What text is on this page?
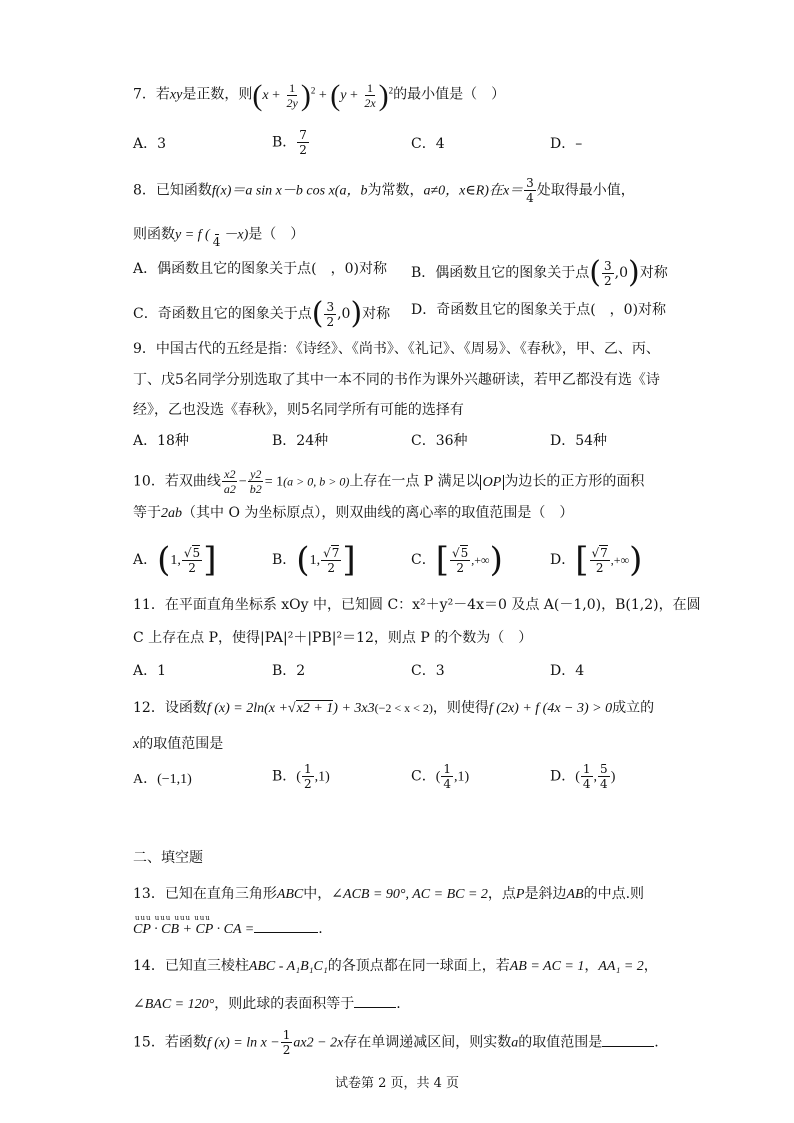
7．若xy是正数，则$(x + \frac{1}{2y} )^2 + (y + \frac{1}{2x} )^2$的最小值是（　）
A．3	B． $\frac{7}{2}$	C．4	D．–
8．已知函数f(x)＝a sin x－b cos x(a，b为常数，a≠0，x∈R)在$x= \frac{3}{4}$ 处取得最小值，
则函数y = f ( 4 －x)是（　）
A．偶函数且它的图象关于点(　，0)对称 B．偶函数且它的图象关于点( $\frac{3}{2} ,0$)对称
C．奇函数且它的图象关于点( $\frac{3}{2} ,0$)对称 D．奇函数且它的图象关于点(　，0)对称
9．中国古代的五经是指：《诗经》、《尚书》、《礼记》、《周易》、《春秋》，甲、乙、丙、
丁、戊5名同学分别选取了其中一本不同的书作为课外兴趣研读，若甲乙都没有选《诗
经》，乙也没选《春秋》，则5名同学所有可能的选择有
A．18种	B．24种	C．36种	D．54种
10．若双曲线 $\frac{x2}{a2} - \frac{y2}{b2} = 1(a > 0$, b > 0)上存在一点 P 满足以 OP 为边长的正方形的面积
等于2ab（其中 O 为坐标原点），则双曲线的离心率的取值范围是（　）
A．(1, $\frac{√5}{2}$ ]	B．(1, $\frac{√7}{2}$ ]	C．[ $\frac{√5}{2}$ ,+∞)	D．[ $\frac{√7}{2}$ ,+∞)
11．在平面直角坐标系 xOy 中，已知圆 C：x²＋y²－4x＝0 及点 A(－1,0)，B(1,2)，在圆
C 上存在点 P，使得|PA|²＋|PB|²＝12，则点 P 的个数为（　）
A．1	B．2	C．3	D．4
12．设函数f (x) = 2ln(x +√x2 + 1) + 3x3(−2 < x < 2)，则使得f (2x) + f (4x − 3) > 0成立的
x的取值范围是
A．(−1,1)	B．( $\frac{1}{2} ,1$)	C．( $\frac{1}{4} ,1$)	D．( $\frac{1}{4}$ , $\frac{5}{4}$ )
二、填空题
13．已知在直角三角形ABC中，∠ACB = 90°, AC = BC = 2，点P是斜边AB的中点.则
uuu uuu uuu uuu
CP · CB + CP · CA =	.
14．已知直三棱柱ABC - A₁B₁C₁的各顶点都在同一球面上，若AB = AC = 1，AA₁ = 2，
∠BAC = 120°，则此球的表面积等于	.
15．若函数f $(x) = \ln x - \frac{1}{2} ax2 - 2x$存在单调递减区间，则实数a的取值范围是	.
试卷第 2 页，共 4 页
